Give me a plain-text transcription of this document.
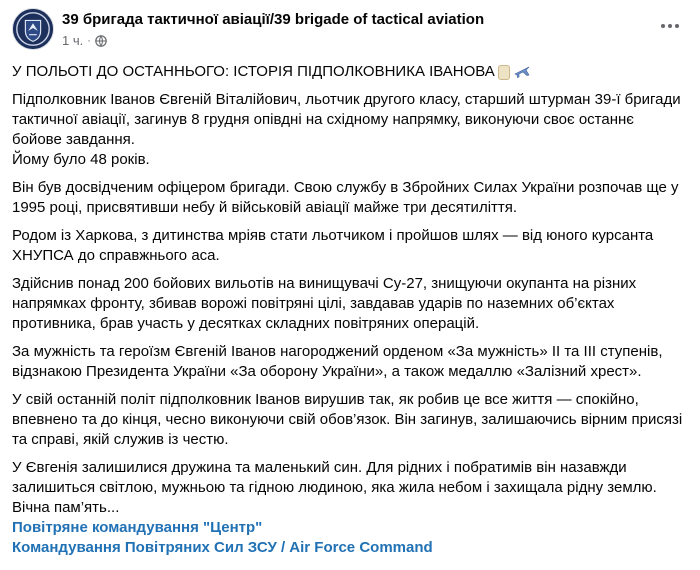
39 бригада тактичної авіації/39 brigade of tactical aviation
1 ч. ·

У ПОЛЬОТІ ДО ОСТАННЬОГО: ІСТОРІЯ ПІДПОЛКОВНИКА ІВАНОВА

Підполковник Іванов Євгеній Віталійович, льотчик другого класу, старший штурман 39-ї бригади
тактичної авіації, загинув 8 грудня опівдні на східному напрямку, виконуючи своє останнє
бойове завдання.
Йому було 48 років.

Він був досвідченим офіцером бригади. Свою службу в Збройних Силах України розпочав ще у
1995 році, присвятивши небу й військовій авіації майже три десятиліття.

Родом із Харкова, з дитинства мріяв стати льотчиком і пройшов шлях — від юного курсанта
ХНУПСА до справжнього аса.

Здійснив понад 200 бойових вильотів на винищувачі Су-27, знищуючи окупанта на різних
напрямках фронту, збивав ворожі повітряні цілі, завдавав ударів по наземних об’єктах
противника, брав участь у десятках складних повітряних операцій.

За мужність та героїзм Євгеній Іванов нагороджений орденом «За мужність» ІІ та ІІІ ступенів,
відзнакою Президента України «За оборону України», а також медаллю «Залізний хрест».

У свій останній політ підполковник Іванов вирушив так, як робив це все життя — спокійно,
впевнено та до кінця, чесно виконуючи свій обов’язок. Він загинув, залишаючись вірним присязі
та справі, якій служив із честю.

У Євгенія залишилися дружина та маленький син. Для рідних і побратимів він назавжди
залишиться світлою, мужньою та гідною людиною, яка жила небом і захищала рідну землю.
Вічна пам’ять...

Повітряне командування "Центр"
Командування Повітряних Сил ЗСУ / Air Force Command
